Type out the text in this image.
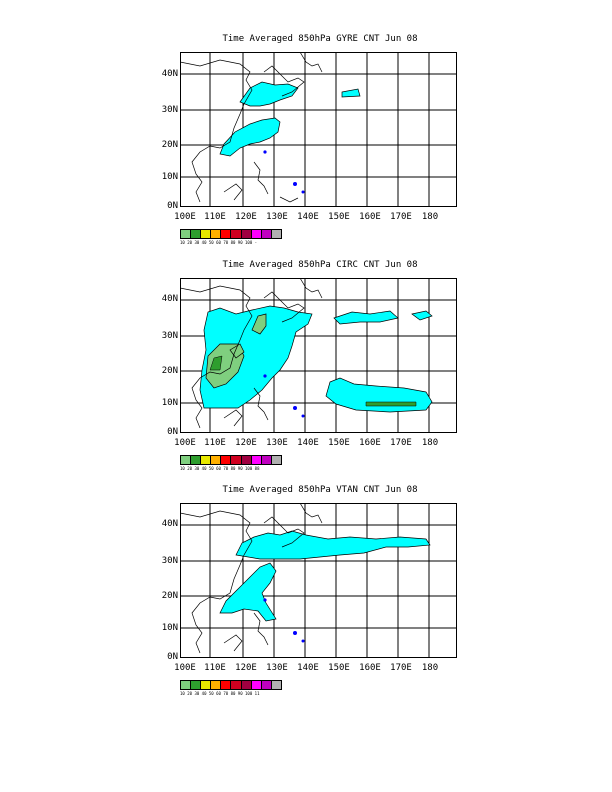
Time Averaged 850hPa GYRE CNT Jun 08
40N
30N
20N
10N
0N
100E 110E	120E	130E	140E	150E	160E	170E	180
10 20 30 40 50 60 70 80 90 100 -
Time Averaged 850hPa CIRC CNT Jun 08
40N
30N
20N
10N
0N
100E 110E	120E	130E	140E	150E	160E	170E	180
10 20 30 40 50 60 70 80 90 100 88
Time Averaged 850hPa VTAN CNT Jun 08
40N
30N
20N
10N
0N
100E 110E	120E	130E	140E	150E	160E	170E	180
10 20 30 40 50 60 70 80 90 100 11
